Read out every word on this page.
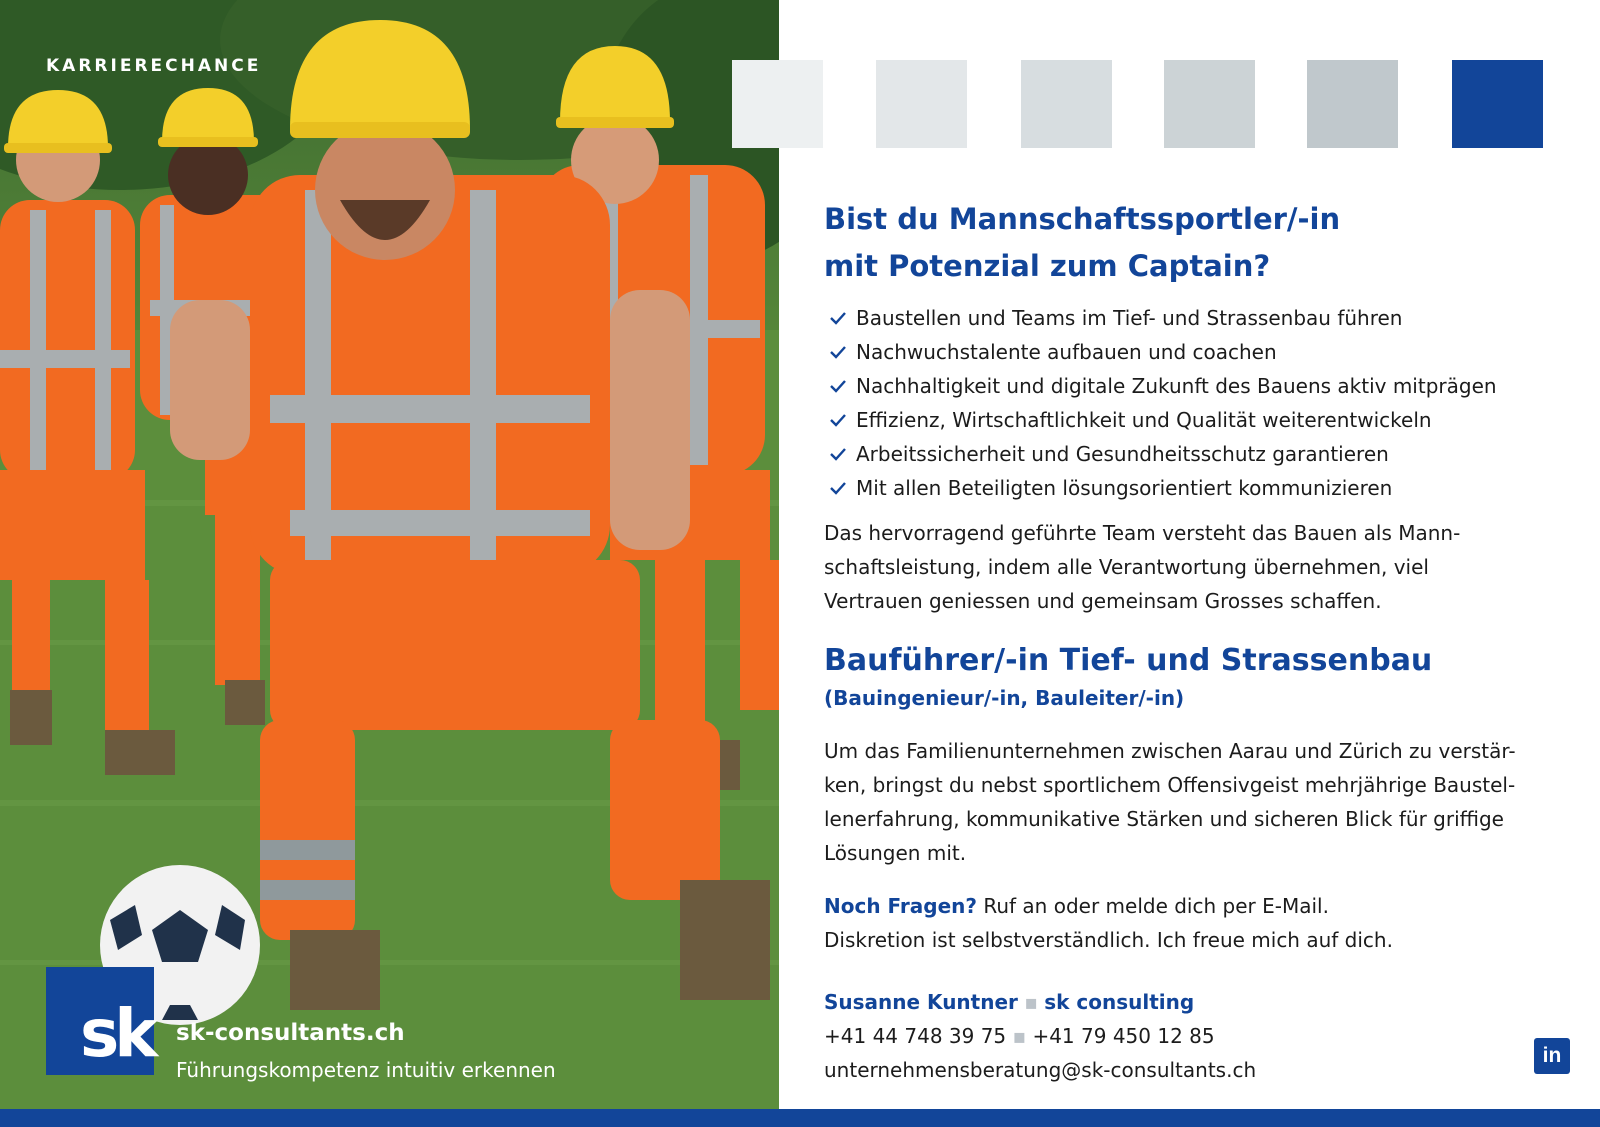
KARRIERECHANCE
sk sk-consultants.ch
Führungskompetenz intuitiv erkennen
Bist du Mannschaftssportler/-in
mit Potenzial zum Captain?
Baustellen und Teams im Tief- und Strassenbau führen
Nachwuchstalente aufbauen und coachen
Nachhaltigkeit und digitale Zukunft des Bauens aktiv mitprägen
Effizienz, Wirtschaftlichkeit und Qualität weiterentwickeln
Arbeitssicherheit und Gesundheitsschutz garantieren
Mit allen Beteiligten lösungsorientiert kommunizieren
Das hervorragend geführte Team versteht das Bauen als Mann-
schaftsleistung, indem alle Verantwortung übernehmen, viel
Vertrauen geniessen und gemeinsam Grosses schaffen.
Bauführer/-in Tief- und Strassenbau
(Bauingenieur/-in, Bauleiter/-in)
Um das Familienunternehmen zwischen Aarau und Zürich zu verstär-
ken, bringst du nebst sportlichem Offensivgeist mehrjährige Baustel-
lenerfahrung, kommunikative Stärken und sicheren Blick für griffige
Lösungen mit.
Noch Fragen? Ruf an oder melde dich per E-Mail.
Diskretion ist selbstverständlich. Ich freue mich auf dich.
Susanne Kuntner ▪ sk consulting
+41 44 748 39 75 ▪ +41 79 450 12 85
unternehmensberatung@sk-consultants.ch
in
